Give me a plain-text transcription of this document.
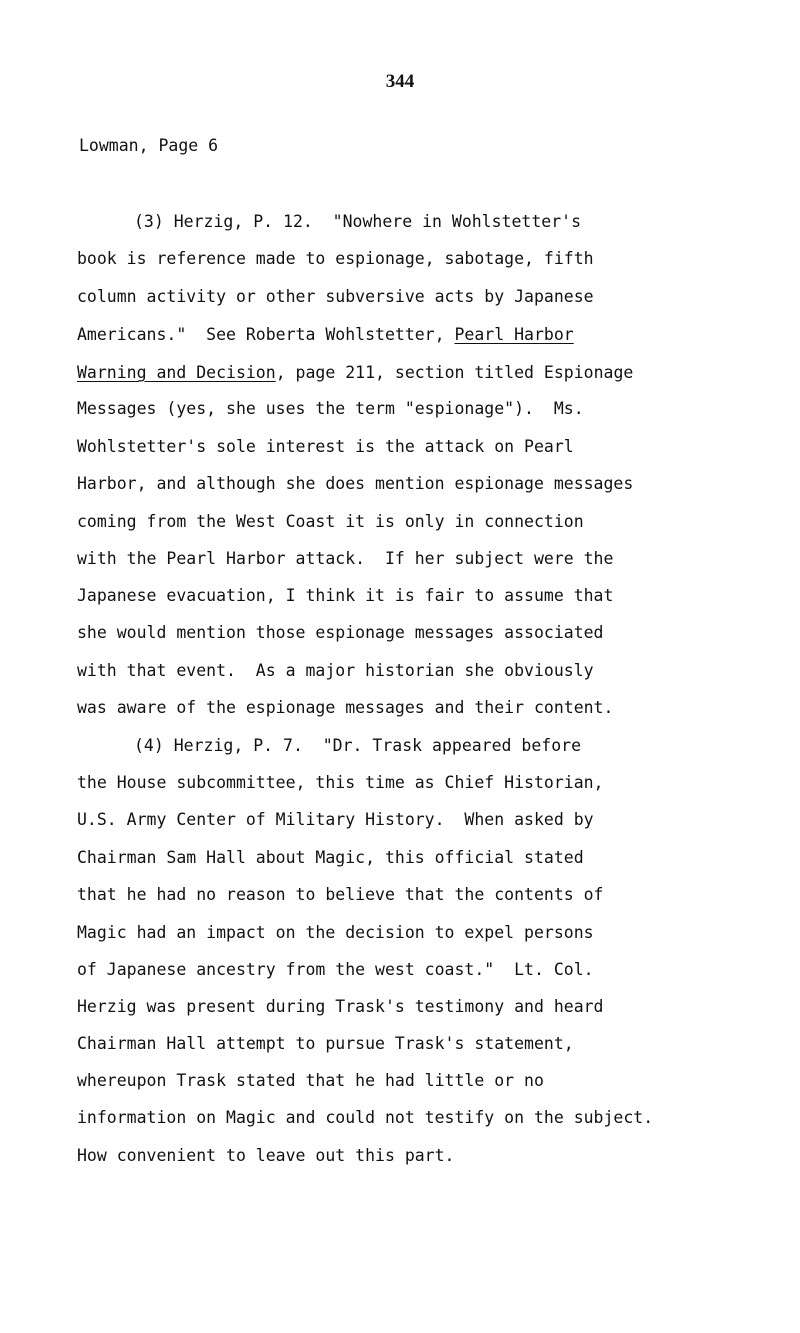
344
Lowman, Page 6
(3) Herzig, P. 12.  "Nowhere in Wohlstetter's
book is reference made to espionage, sabotage, fifth
column activity or other subversive acts by Japanese
Americans."  See Roberta Wohlstetter, Pearl Harbor
Warning and Decision, page 211, section titled Espionage
Messages (yes, she uses the term "espionage").  Ms.
Wohlstetter's sole interest is the attack on Pearl
Harbor, and although she does mention espionage messages
coming from the West Coast it is only in connection
with the Pearl Harbor attack.  If her subject were the
Japanese evacuation, I think it is fair to assume that
she would mention those espionage messages associated
with that event.  As a major historian she obviously
was aware of the espionage messages and their content.
(4) Herzig, P. 7.  "Dr. Trask appeared before
the House subcommittee, this time as Chief Historian,
U.S. Army Center of Military History.  When asked by
Chairman Sam Hall about Magic, this official stated
that he had no reason to believe that the contents of
Magic had an impact on the decision to expel persons
of Japanese ancestry from the west coast."  Lt. Col.
Herzig was present during Trask's testimony and heard
Chairman Hall attempt to pursue Trask's statement,
whereupon Trask stated that he had little or no
information on Magic and could not testify on the subject.
How convenient to leave out this part.
